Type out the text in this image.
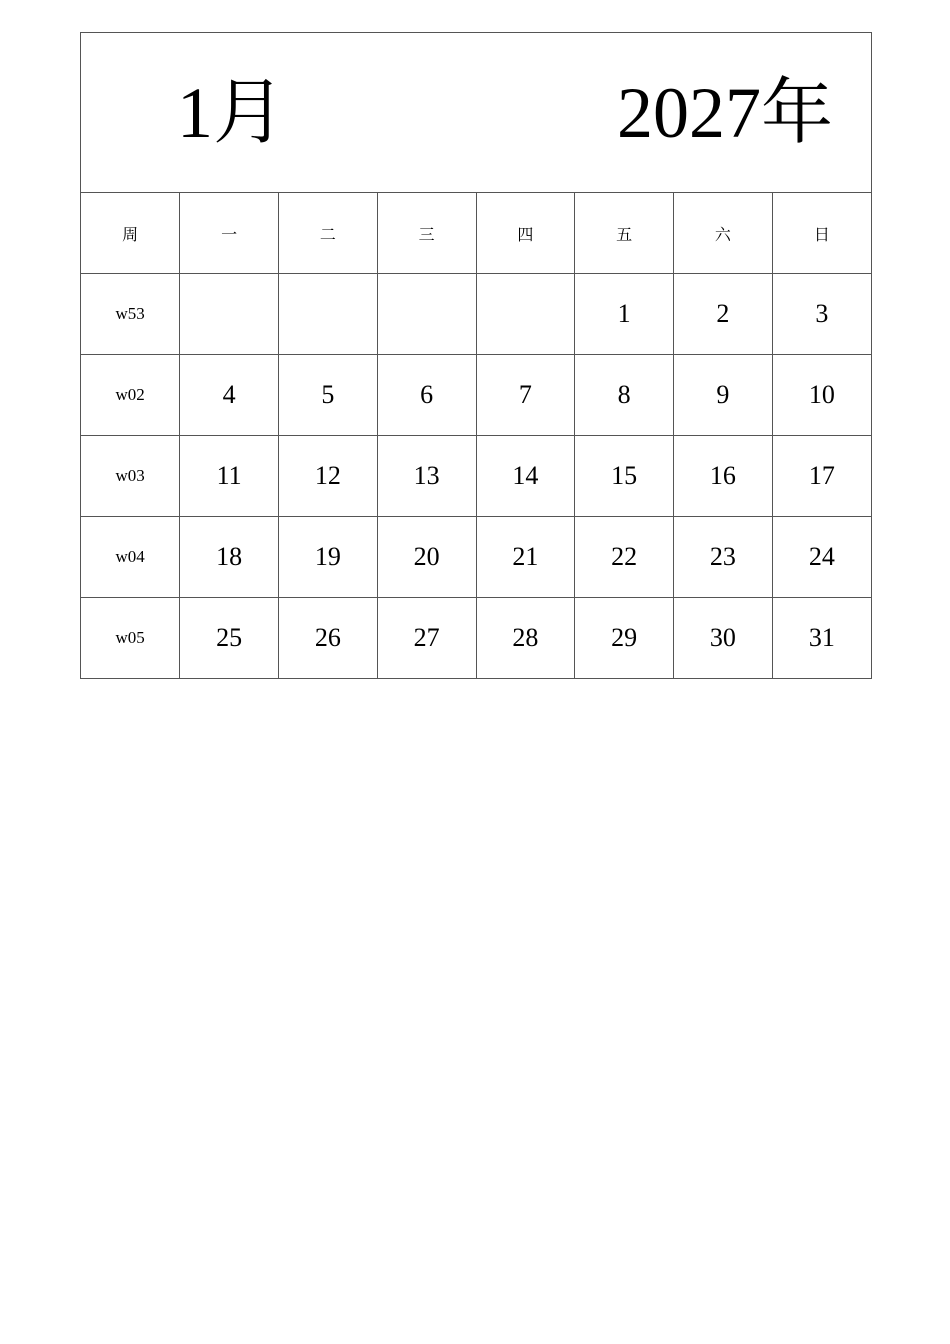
1月	2027年
周	一	二	三	四	五	六	日
w53					1	2	3
w02	4	5	6	7	8	9	10
w03	11	12	13	14	15	16	17
w04	18	19	20	21	22	23	24
w05	25	26	27	28	29	30	31
